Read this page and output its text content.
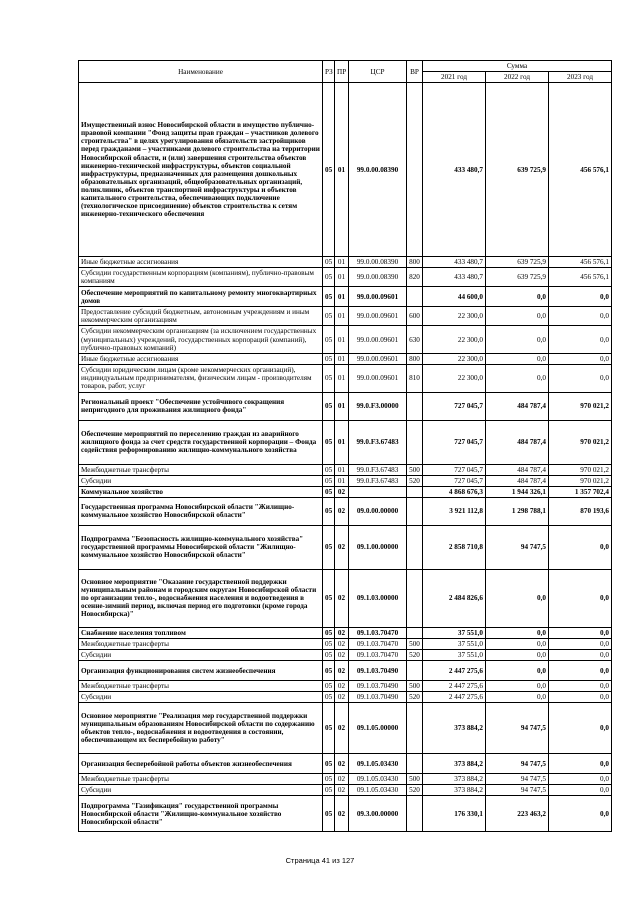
Наименование	РЗ	ПР	ЦСР	ВР	Сумма		
					2021 год	2022 год	2023 год
Имущественный взнос Новосибирской области в имущество публично-правовой компании "Фонд защиты прав граждан – участников долевого строительства" в целях урегулирования обязательств застройщиков перед гражданами – участниками долевого строительства на территории Новосибирской области, и (или) завершения строительства объектов инженерно-технической инфраструктуры, объектов социальной инфраструктуры, предназначенных для размещения дошкольных образовательных организаций, общеобразовательных организаций, поликлиник, объектов транспортной инфраструктуры и объектов капитального строительства, обеспечивающих подключение (технологическое присоединение) объектов строительства к сетям инженерно-технического обеспечения	05	01	99.0.00.08390		433 480,7	639 725,9	456 576,1
Иные бюджетные ассигнования	05	01	99.0.00.08390	800	433 480,7	639 725,9	456 576,1
Субсидии государственным корпорациям (компаниям), публично-правовым компаниям	05	01	99.0.00.08390	820	433 480,7	639 725,9	456 576,1
Обеспечение мероприятий по капитальному ремонту многоквартирных домов	05	01	99.0.00.09601		44 600,0	0,0	0,0
Предоставление субсидий бюджетным, автономным учреждениям и иным некоммерческим организациям	05	01	99.0.00.09601	600	22 300,0	0,0	0,0
Субсидии некоммерческим организациям (за исключением государственных (муниципальных) учреждений, государственных корпораций (компаний), публично-правовых компаний)	05	01	99.0.00.09601	630	22 300,0	0,0	0,0
Иные бюджетные ассигнования	05	01	99.0.00.09601	800	22 300,0	0,0	0,0
Субсидии юридическим лицам (кроме некоммерческих организаций), индивидуальным предпринимателям, физическим лицам - производителям товаров, работ, услуг	05	01	99.0.00.09601	810	22 300,0	0,0	0,0
Региональный проект "Обеспечение устойчивого сокращения непригодного для проживания жилищного фонда"	05	01	99.0.F3.00000		727 045,7	484 787,4	970 021,2
Обеспечение мероприятий по переселению граждан из аварийного жилищного фонда за счет средств государственной корпорации – Фонда содействия реформированию жилищно-коммунального хозяйства	05	01	99.0.F3.67483		727 045,7	484 787,4	970 021,2
Межбюджетные трансферты	05	01	99.0.F3.67483	500	727 045,7	484 787,4	970 021,2
Субсидии	05	01	99.0.F3.67483	520	727 045,7	484 787,4	970 021,2
Коммунальное хозяйство	05	02			4 868 676,3	1 944 326,1	1 357 702,4
Государственная программа Новосибирской области "Жилищно-коммунальное хозяйство Новосибирской области"	05	02	09.0.00.00000		3 921 112,8	1 298 788,1	870 193,6
Подпрограмма "Безопасность жилищно-коммунального хозяйства" государственной программы Новосибирской области "Жилищно-коммунальное хозяйство Новосибирской области"	05	02	09.1.00.00000		2 858 710,8	94 747,5	0,0
Основное мероприятие "Оказание государственной поддержки муниципальным районам и городским округам Новосибирской области по организации тепло-, водоснабжения населения и водоотведения в осенне-зимний период, включая период его подготовки (кроме города Новосибирска)"	05	02	09.1.03.00000		2 484 826,6	0,0	0,0
Снабжение населения топливом	05	02	09.1.03.70470		37 551,0	0,0	0,0
Межбюджетные трансферты	05	02	09.1.03.70470	500	37 551,0	0,0	0,0
Субсидии	05	02	09.1.03.70470	520	37 551,0	0,0	0,0
Организация функционирования систем жизнеобеспечения	05	02	09.1.03.70490		2 447 275,6	0,0	0,0
Межбюджетные трансферты	05	02	09.1.03.70490	500	2 447 275,6	0,0	0,0
Субсидии	05	02	09.1.03.70490	520	2 447 275,6	0,0	0,0
Основное мероприятие "Реализация мер государственной поддержки муниципальным образованиям Новосибирской области по содержанию объектов тепло-, водоснабжения и водоотведения в состоянии, обеспечивающем их бесперебойную работу"	05	02	09.1.05.00000		373 884,2	94 747,5	0,0
Организация бесперебойной работы объектов жизнеобеспечения	05	02	09.1.05.03430		373 884,2	94 747,5	0,0
Межбюджетные трансферты	05	02	09.1.05.03430	500	373 884,2	94 747,5	0,0
Субсидии	05	02	09.1.05.03430	520	373 884,2	94 747,5	0,0
Подпрограмма "Газификация" государственной программы Новосибирской области "Жилищно-коммунальное хозяйство Новосибирской области"	05	02	09.3.00.00000		176 330,1	223 463,2	0,0
Страница 41 из 127
